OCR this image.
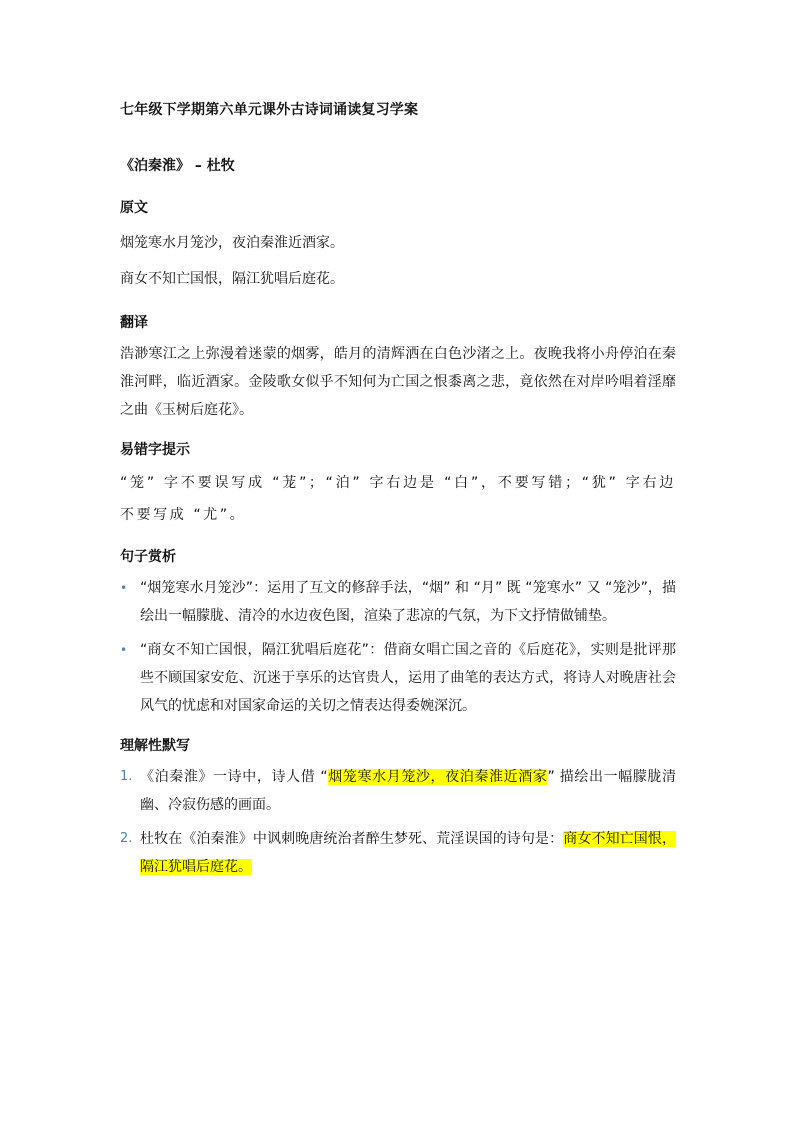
七年级下学期第六单元课外古诗词诵读复习学案
《泊秦淮》 – 杜牧
原文

烟笼寒水月笼沙，夜泊秦淮近酒家。

商女不知亡国恨，隔江犹唱后庭花。

翻译

浩渺寒江之上弥漫着迷蒙的烟雾，皓月的清辉洒在白色沙渚之上。夜晚我将小舟停泊在秦淮河畔，临近酒家。金陵歌女似乎不知何为亡国之恨黍离之悲，竟依然在对岸吟唱着淫靡之曲《玉树后庭花》。

易错字提示

“笼” 字不要误写成 “茏”；“泊” 字右边是 “白”，不要写错；“犹” 字右边不要写成 “尤”。

句子赏析
• “烟笼寒水月笼沙”：运用了互文的修辞手法，“烟” 和 “月” 既 “笼寒水” 又 “笼沙”，描绘出一幅朦胧、清冷的水边夜色图，渲染了悲凉的气氛，为下文抒情做铺垫。
• “商女不知亡国恨，隔江犹唱后庭花”：借商女唱亡国之音的《后庭花》，实则是批评那些不顾国家安危、沉迷于享乐的达官贵人，运用了曲笔的表达方式，将诗人对晚唐社会风气的忧虑和对国家命运的关切之情表达得委婉深沉。
理解性默写
1. 《泊秦淮》一诗中，诗人借 “烟笼寒水月笼沙，夜泊秦淮近酒家” 描绘出一幅朦胧清幽、冷寂伤感的画面。
2. 杜牧在《泊秦淮》中讽刺晚唐统治者醉生梦死、荒淫误国的诗句是：商女不知亡国恨，隔江犹唱后庭花。
